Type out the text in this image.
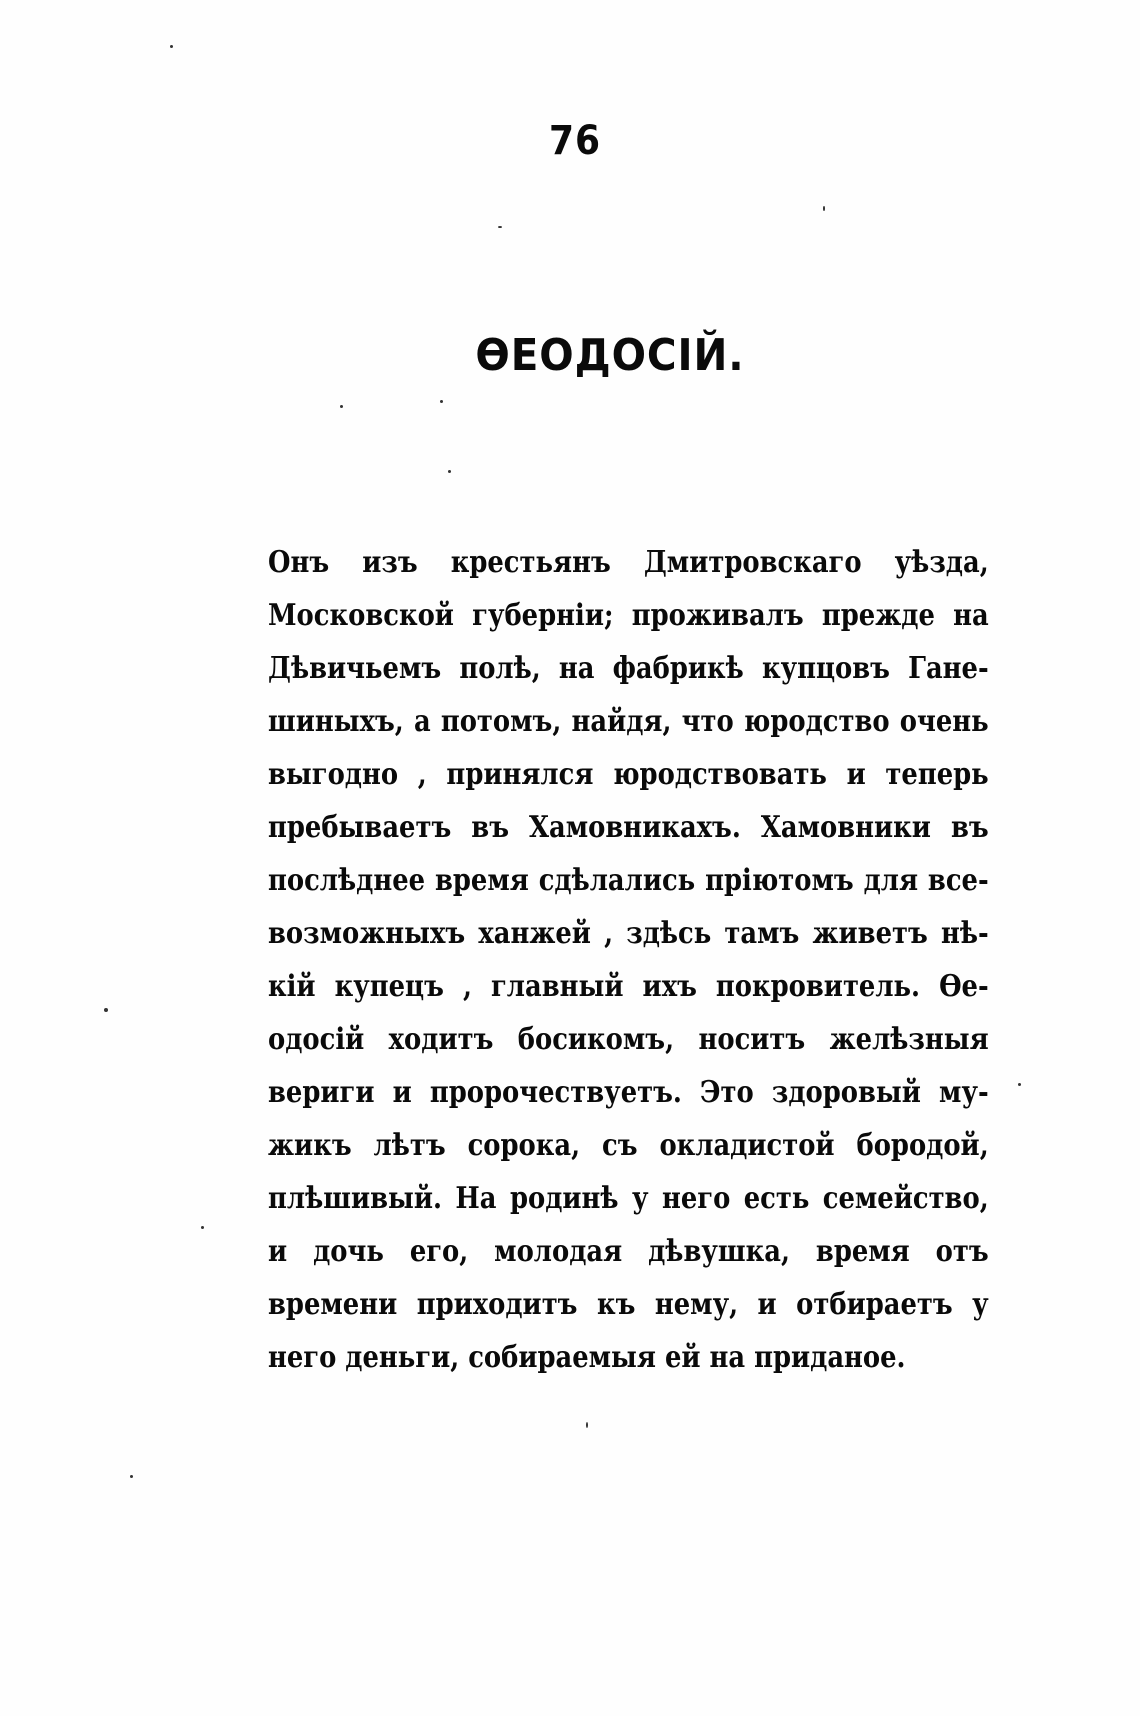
76
ѲЕОДОСІЙ.
Онъ изъ крестьянъ Дмитровскаго уѣзда,
Московской губерніи; проживалъ прежде на
Дѣвичьемъ полѣ, на фабрикѣ купцовъ Гане-
шиныхъ, а потомъ, найдя, что юродство очень
выгодно , принялся юродствовать и теперь
пребываетъ въ Хамовникахъ. Хамовники въ
послѣднее время сдѣлались пріютомъ для все-
возможныхъ ханжей , здѣсь тамъ живетъ нѣ-
кій купецъ , главный ихъ покровитель. Ѳе-
одосій ходитъ босикомъ, носитъ желѣзныя
вериги и пророчествуетъ. Это здоровый му-
жикъ лѣтъ сорока, съ окладистой бородой,
плѣшивый. На родинѣ у него есть семейство,
и дочь его, молодая дѣвушка, время отъ
времени приходитъ къ нему, и отбираетъ у
него деньги, собираемыя ей на приданое.
